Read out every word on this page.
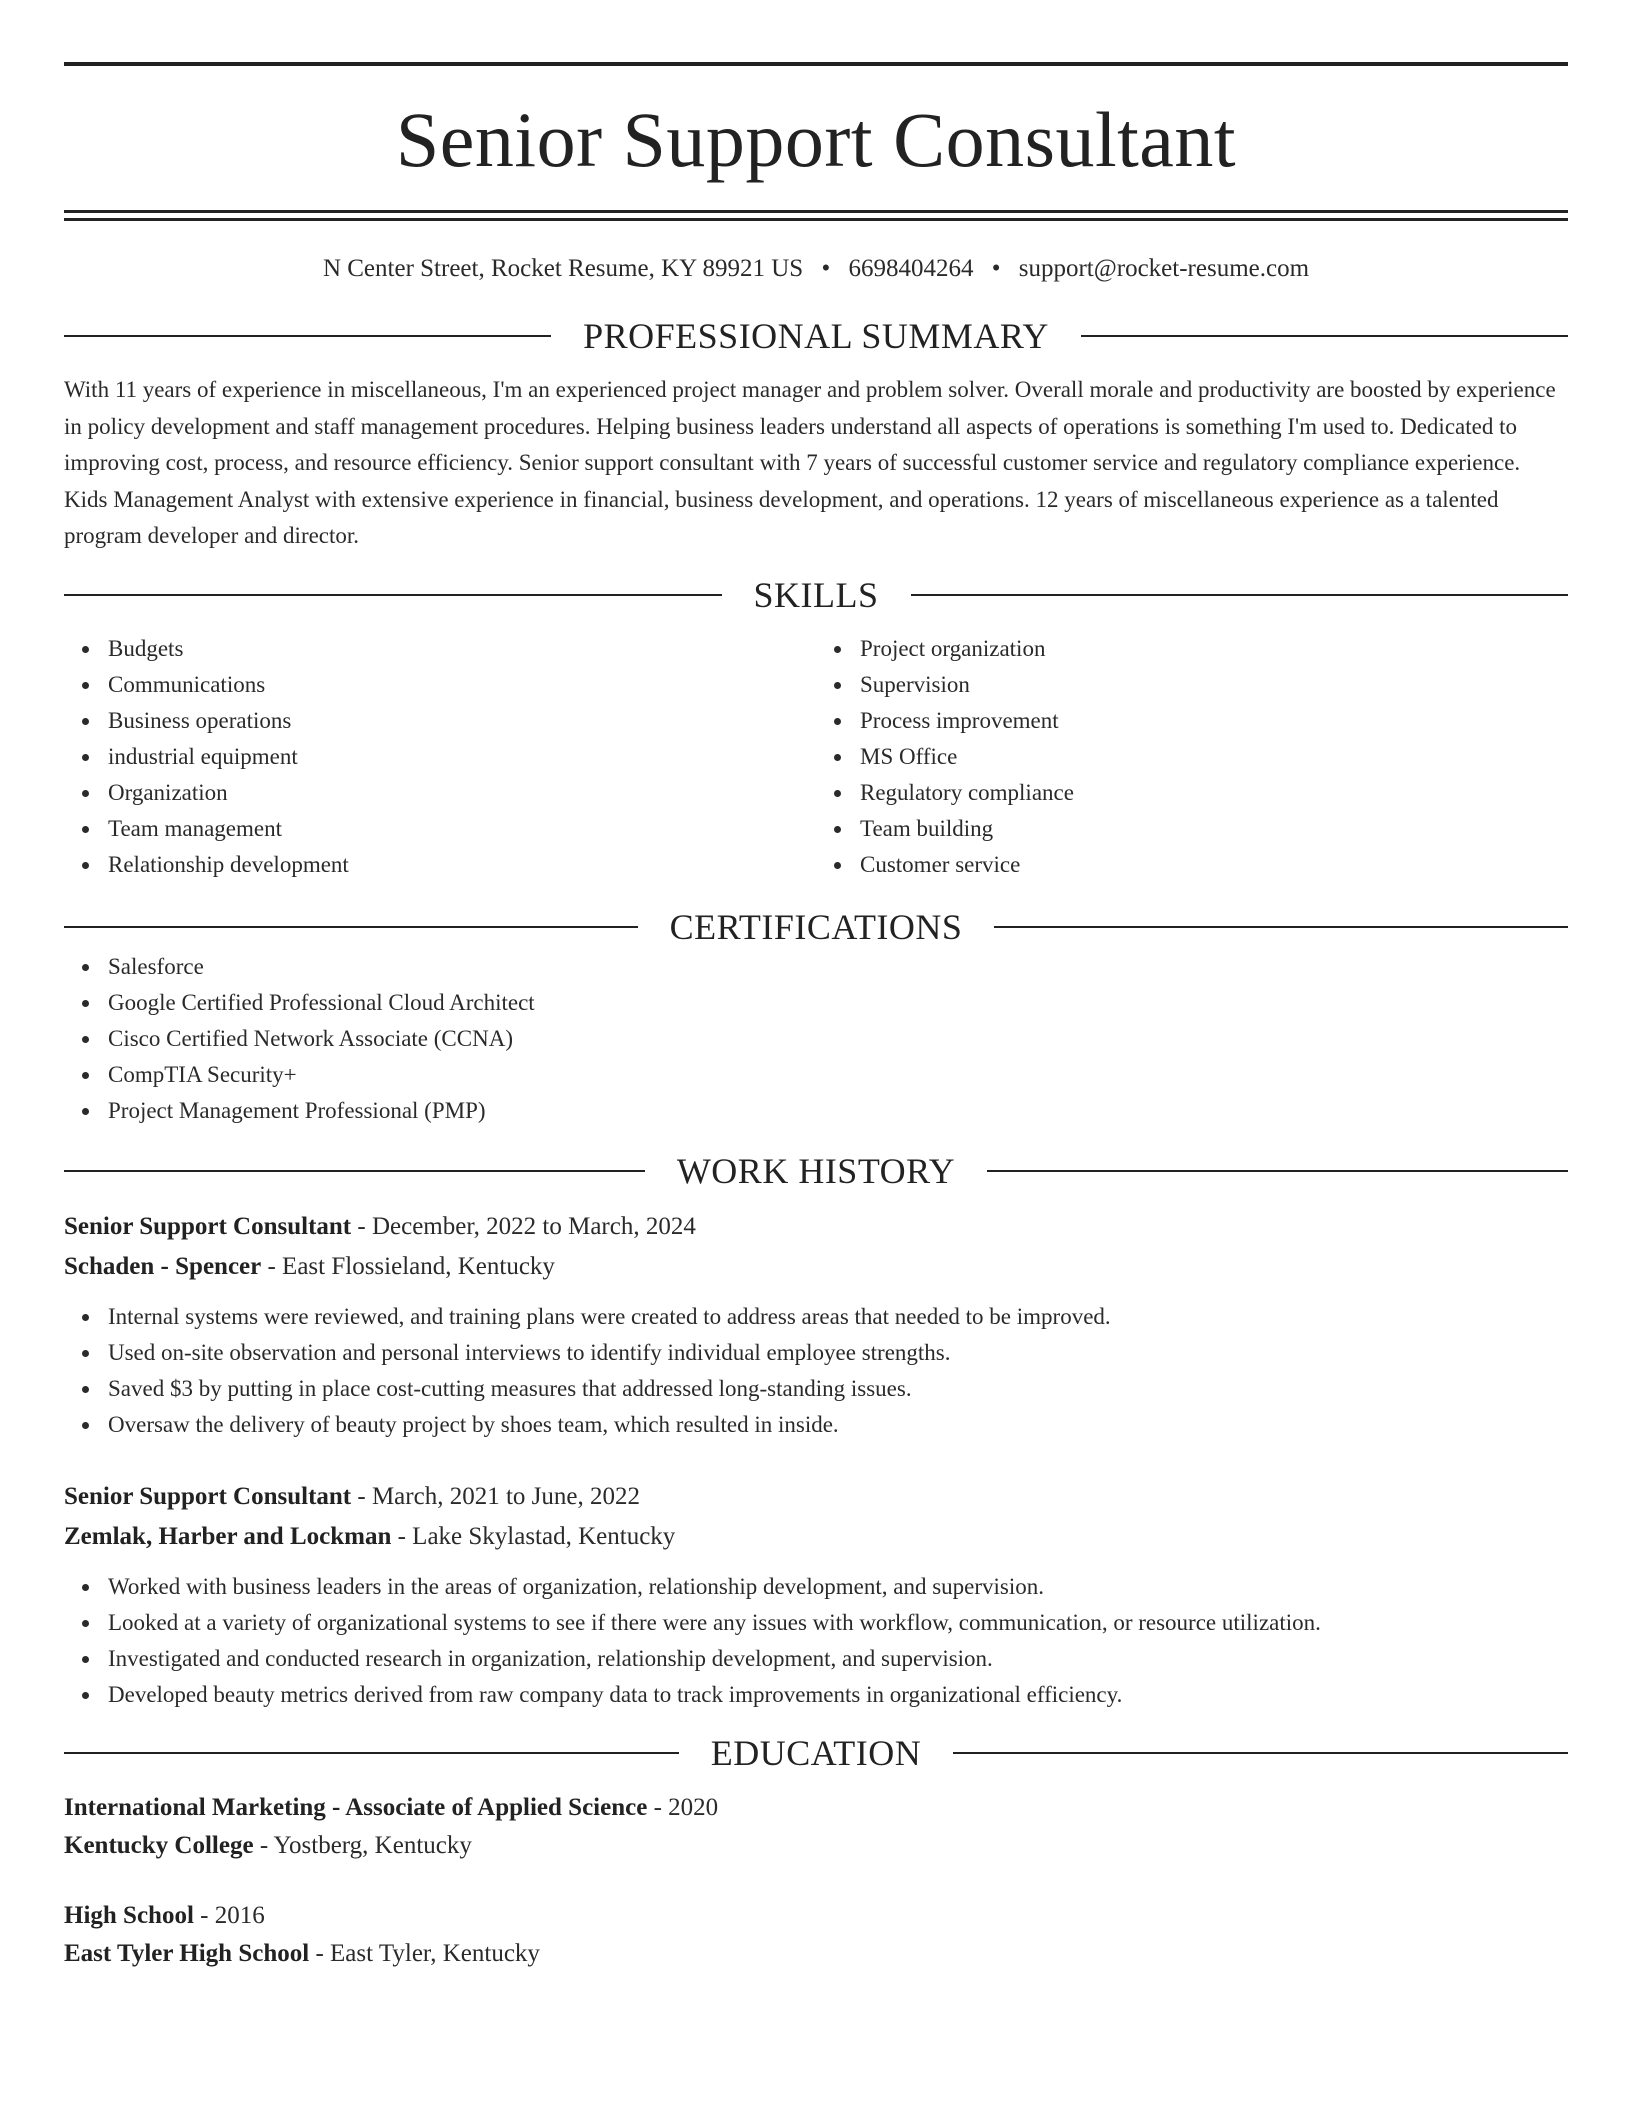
Senior Support Consultant
N Center Street, Rocket Resume, KY 89921 US • 6698404264 • support@rocket-resume.com
PROFESSIONAL SUMMARY
With 11 years of experience in miscellaneous, I'm an experienced project manager and problem solver. Overall morale and productivity are boosted by experience in policy development and staff management procedures. Helping business leaders understand all aspects of operations is something I'm used to. Dedicated to improving cost, process, and resource efficiency. Senior support consultant with 7 years of successful customer service and regulatory compliance experience. Kids Management Analyst with extensive experience in financial, business development, and operations. 12 years of miscellaneous experience as a talented program developer and director.
SKILLS
Budgets
Communications
Business operations
industrial equipment
Organization
Team management
Relationship development
Project organization
Supervision
Process improvement
MS Office
Regulatory compliance
Team building
Customer service
CERTIFICATIONS
Salesforce
Google Certified Professional Cloud Architect
Cisco Certified Network Associate (CCNA)
CompTIA Security+
Project Management Professional (PMP)
WORK HISTORY
Senior Support Consultant - December, 2022 to March, 2024
Schaden - Spencer - East Flossieland, Kentucky
Internal systems were reviewed, and training plans were created to address areas that needed to be improved.
Used on-site observation and personal interviews to identify individual employee strengths.
Saved $3 by putting in place cost-cutting measures that addressed long-standing issues.
Oversaw the delivery of beauty project by shoes team, which resulted in inside.
Senior Support Consultant - March, 2021 to June, 2022
Zemlak, Harber and Lockman - Lake Skylastad, Kentucky
Worked with business leaders in the areas of organization, relationship development, and supervision.
Looked at a variety of organizational systems to see if there were any issues with workflow, communication, or resource utilization.
Investigated and conducted research in organization, relationship development, and supervision.
Developed beauty metrics derived from raw company data to track improvements in organizational efficiency.
EDUCATION
International Marketing - Associate of Applied Science - 2020
Kentucky College - Yostberg, Kentucky
High School - 2016
East Tyler High School - East Tyler, Kentucky
